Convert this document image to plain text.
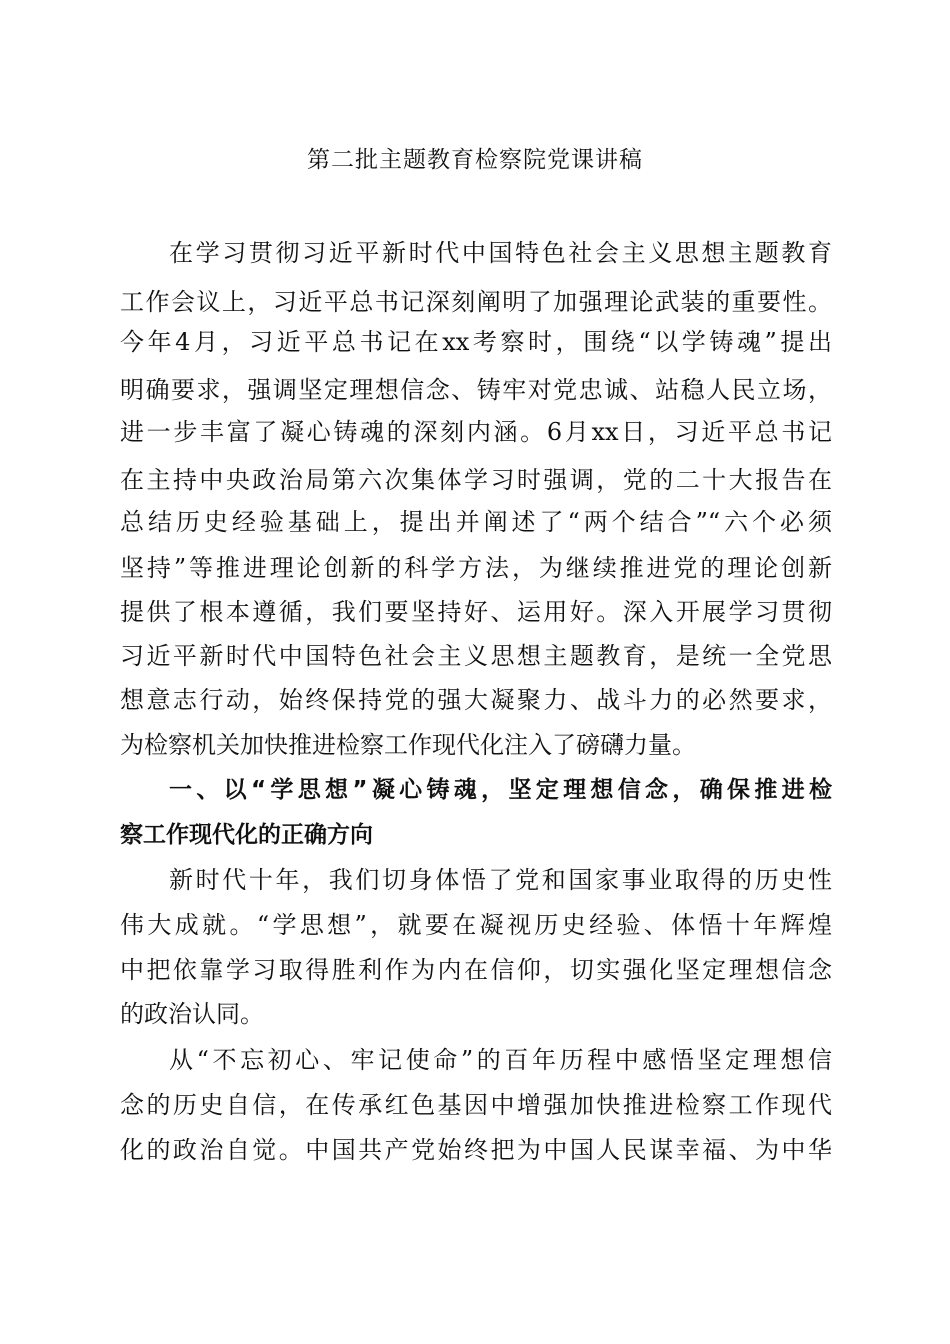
第二批主题教育检察院党课讲稿
在学习贯彻习近平新时代中国特色社会主义思想主题教育
工作会议上，习近平总书记深刻阐明了加强理论武装的重要性。
今年4月，习近平总书记在xx考察时，围绕“以学铸魂”提出
明确要求，强调坚定理想信念、铸牢对党忠诚、站稳人民立场，
进一步丰富了凝心铸魂的深刻内涵。6月xx日，习近平总书记
在主持中央政治局第六次集体学习时强调，党的二十大报告在
总结历史经验基础上，提出并阐述了“两个结合”“六个必须
坚持”等推进理论创新的科学方法，为继续推进党的理论创新
提供了根本遵循，我们要坚持好、运用好。深入开展学习贯彻
习近平新时代中国特色社会主义思想主题教育，是统一全党思
想意志行动，始终保持党的强大凝聚力、战斗力的必然要求，
为检察机关加快推进检察工作现代化注入了磅礴力量。
一、以“学思想”凝心铸魂，坚定理想信念，确保推进检
察工作现代化的正确方向
新时代十年，我们切身体悟了党和国家事业取得的历史性
伟大成就。“学思想”，就要在凝视历史经验、体悟十年辉煌
中把依靠学习取得胜利作为内在信仰，切实强化坚定理想信念
的政治认同。
从“不忘初心、牢记使命”的百年历程中感悟坚定理想信
念的历史自信，在传承红色基因中增强加快推进检察工作现代
化的政治自觉。中国共产党始终把为中国人民谋幸福、为中华
